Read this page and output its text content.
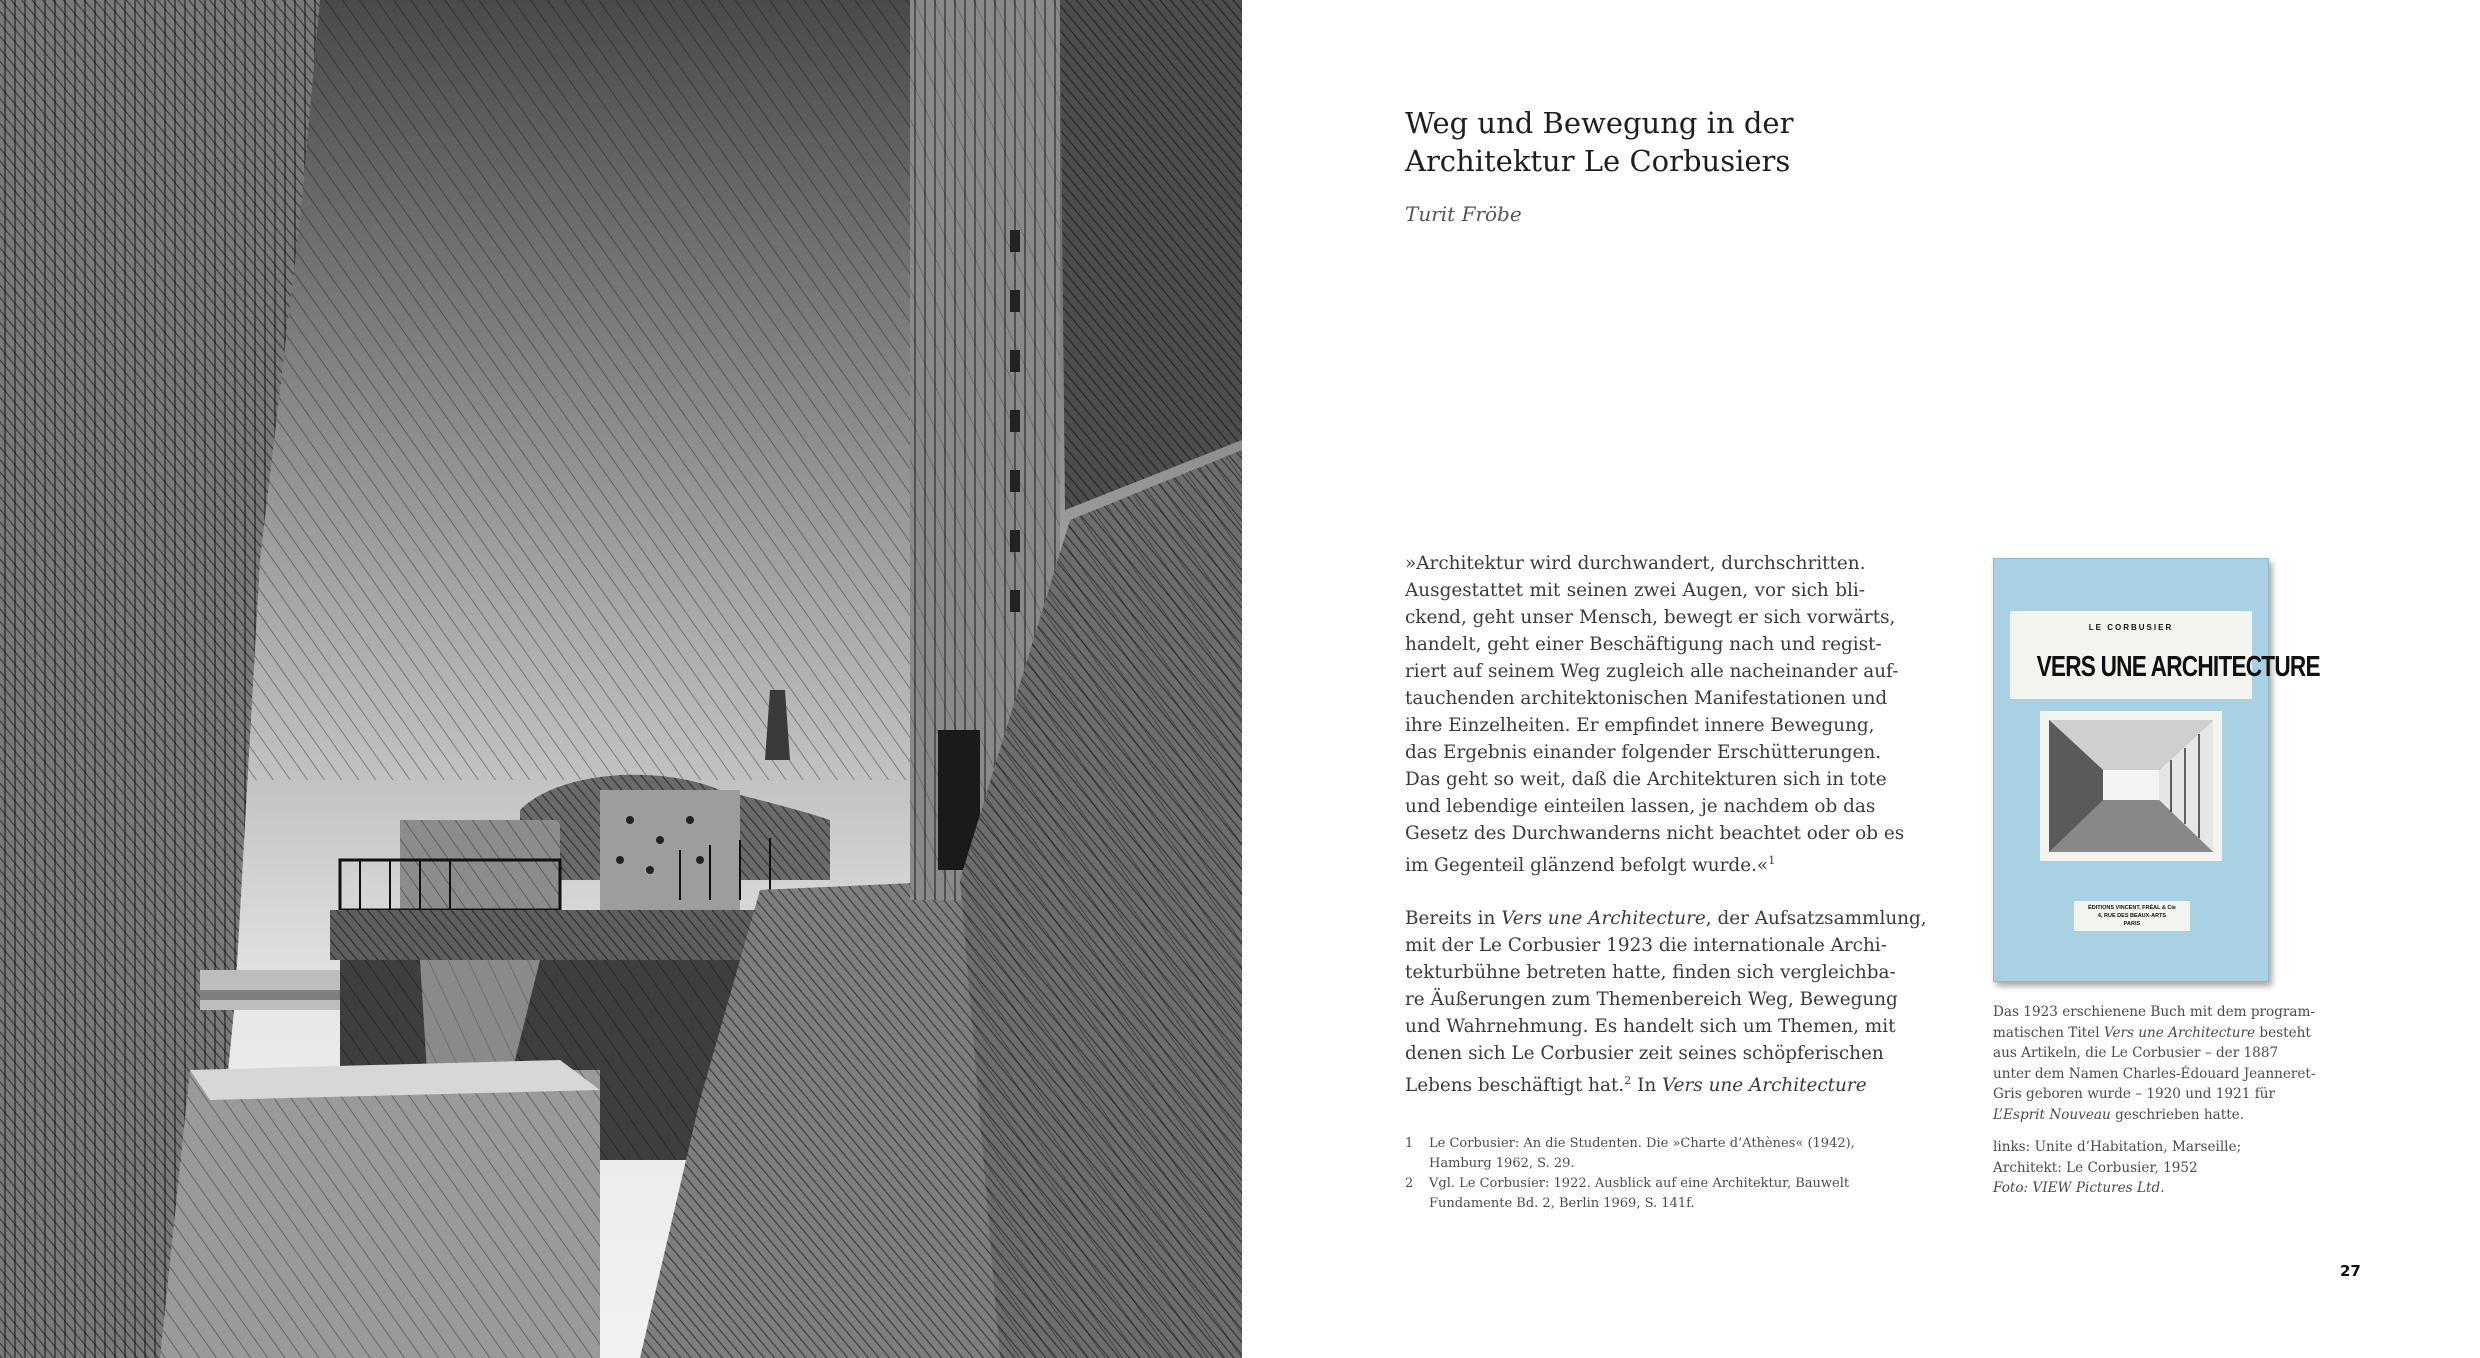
Weg und Bewegung in der
Architektur Le Corbusiers
Turit Fröbe

»Architektur wird durchwandert, durchschritten.
Ausgestattet mit seinen zwei Augen, vor sich bli-
ckend, geht unser Mensch, bewegt er sich vorwärts,
handelt, geht einer Beschäftigung nach und regist-
riert auf seinem Weg zugleich alle nacheinander auf-
tauchenden architektonischen Manifestationen und
ihre Einzelheiten. Er empfindet innere Bewegung,
das Ergebnis einander folgender Erschütterungen.
Das geht so weit, daß die Architekturen sich in tote
und lebendige einteilen lassen, je nachdem ob das
Gesetz des Durchwanderns nicht beachtet oder ob es
im Gegenteil glänzend befolgt wurde.«$^1$

Bereits in Vers une Architecture, der Aufsatzsammlung,
mit der Le Corbusier 1923 die internationale Archi-
tekturbühne betreten hatte, finden sich vergleichba-
re Äußerungen zum Themenbereich Weg, Bewegung
und Wahrnehmung. Es handelt sich um Themen, mit
denen sich Le Corbusier zeit seines schöpferischen
Lebens beschäftigt hat.$^2$ In Vers une Architecture

1 Le Corbusier: An die Studenten. Die »Charte d’Athènes« (1942),
Hamburg 1962, S. 29.
2 Vgl. Le Corbusier: 1922. Ausblick auf eine Architektur, Bauwelt
Fundamente Bd. 2, Berlin 1969, S. 141f.
LE CORBUSIER
VERS UNE ARCHITECTURE
ÉDITIONS VINCENT, FRÉAL & Cie
4, RUE DES BEAUX-ARTS
PARIS
Das 1923 erschienene Buch mit dem program-
matischen Titel Vers une Architecture besteht
aus Artikeln, die Le Corbusier – der 1887
unter dem Namen Charles-Édouard Jeanneret-
Gris geboren wurde – 1920 und 1921 für
L’Esprit Nouveau geschrieben hatte.
links: Unite d’Habitation, Marseille;
Architekt: Le Corbusier, 1952
Foto: VIEW Pictures Ltd.
27
